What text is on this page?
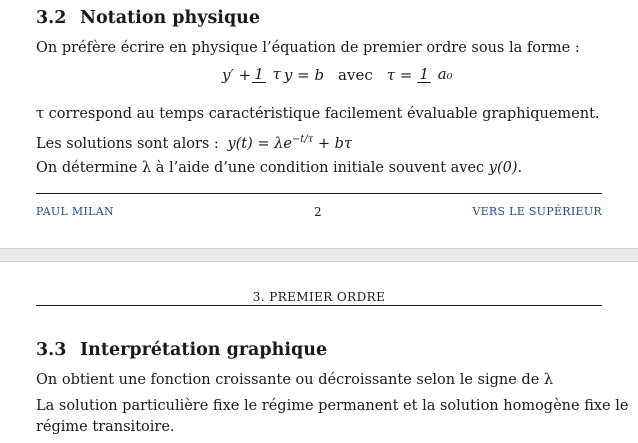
3.2 Notation physique
On préfère écrire en physique l’équation de premier ordre sous la forme :
y′ + 1 τ y = b avec τ = 1 a₀
τ correspond au temps caractéristique facilement évaluable graphiquement.
Les solutions sont alors : $y(t) = \lambda e^{-t/\tau} + b\tau$
On détermine λ à l’aide d’une condition initiale souvent avec y(0).
PAUL MILAN	2	VERS LE SUPÉRIEUR
3. PREMIER ORDRE
3.3 Interprétation graphique
On obtient une fonction croissante ou décroissante selon le signe de λ
La solution particulière fixe le régime permanent et la solution homogène fixe le
régime transitoire.
